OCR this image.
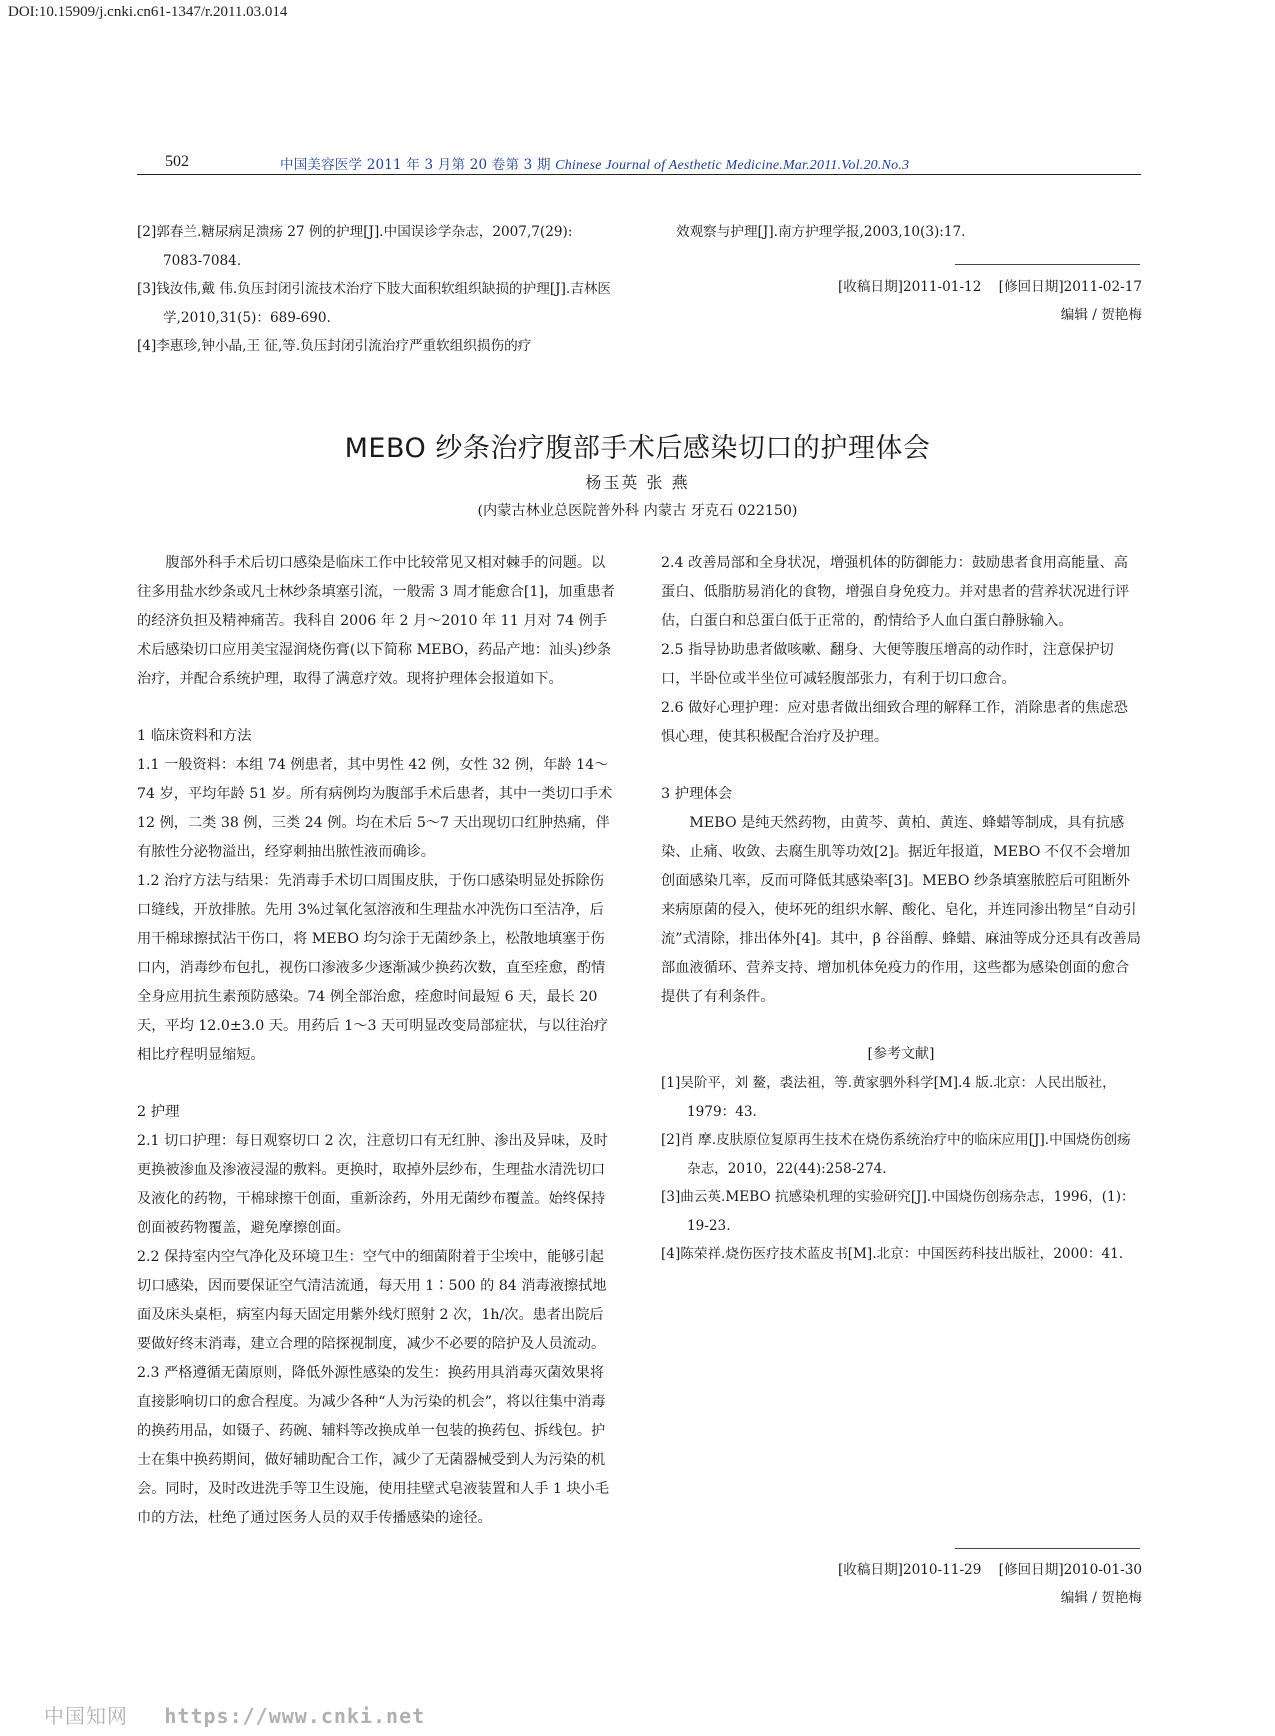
DOI:10.15909/j.cnki.cn61-1347/r.2011.03.014
502	中国美容医学 2011 年 3 月第 20 卷第 3 期 Chinese Journal of Aesthetic Medicine.Mar.2011.Vol.20.No.3

[2]郭春兰.糖尿病足溃疡 27 例的护理[J].中国误诊学杂志，2007,7(29): 7083-7084.

[3]钱汝伟,戴 伟.负压封闭引流技术治疗下肢大面积软组织缺损的护理[J].吉林医学,2010,31(5)：689-690.

[4]李惠珍,钟小晶,王 征,等.负压封闭引流治疗严重软组织损伤的疗

效观察与护理[J].南方护理学报,2003,10(3):17.

[收稿日期]2011-01-12 [修回日期]2011-02-17
编辑 / 贺艳梅
MEBO 纱条治疗腹部手术后感染切口的护理体会
杨玉英 张 燕
(内蒙古林业总医院普外科 内蒙古 牙克石 022150)

腹部外科手术后切口感染是临床工作中比较常见又相对棘手的问题。以往多用盐水纱条或凡士林纱条填塞引流，一般需 3 周才能愈合[1]，加重患者的经济负担及精神痛苦。我科自 2006 年 2 月～2010 年 11 月对 74 例手术后感染切口应用美宝湿润烧伤膏(以下简称 MEBO，药品产地：汕头)纱条治疗，并配合系统护理，取得了满意疗效。现将护理体会报道如下。

1 临床资料和方法

1.1 一般资料：本组 74 例患者，其中男性 42 例，女性 32 例，年龄 14～74 岁，平均年龄 51 岁。所有病例均为腹部手术后患者，其中一类切口手术 12 例，二类 38 例，三类 24 例。均在术后 5～7 天出现切口红肿热痛，伴有脓性分泌物溢出，经穿刺抽出脓性液而确诊。

1.2 治疗方法与结果：先消毒手术切口周围皮肤，于伤口感染明显处拆除伤口缝线，开放排脓。先用 3%过氧化氢溶液和生理盐水冲洗伤口至洁净，后用干棉球擦拭沾干伤口，将 MEBO 均匀涂于无菌纱条上，松散地填塞于伤口内，消毒纱布包扎，视伤口渗液多少逐渐减少换药次数，直至痊愈，酌情全身应用抗生素预防感染。74 例全部治愈，痊愈时间最短 6 天，最长 20 天，平均 12.0±3.0 天。用药后 1～3 天可明显改变局部症状，与以往治疗相比疗程明显缩短。

2 护理

2.1 切口护理：每日观察切口 2 次，注意切口有无红肿、渗出及异味，及时更换被渗血及渗液浸湿的敷料。更换时，取掉外层纱布，生理盐水清洗切口及液化的药物，干棉球擦干创面，重新涂药，外用无菌纱布覆盖。始终保持创面被药物覆盖，避免摩擦创面。

2.2 保持室内空气净化及环境卫生：空气中的细菌附着于尘埃中，能够引起切口感染，因而要保证空气清洁流通，每天用 1∶500 的 84 消毒液擦拭地面及床头桌柜，病室内每天固定用紫外线灯照射 2 次，1h/次。患者出院后要做好终末消毒，建立合理的陪探视制度，减少不必要的陪护及人员流动。

2.3 严格遵循无菌原则，降低外源性感染的发生：换药用具消毒灭菌效果将直接影响切口的愈合程度。为减少各种“人为污染的机会”，将以往集中消毒的换药用品，如镊子、药碗、辅料等改换成单一包装的换药包、拆线包。护士在集中换药期间，做好辅助配合工作，减少了无菌器械受到人为污染的机会。同时，及时改进洗手等卫生设施，使用挂壁式皂液装置和人手 1 块小毛巾的方法，杜绝了通过医务人员的双手传播感染的途径。

2.4 改善局部和全身状况，增强机体的防御能力：鼓励患者食用高能量、高蛋白、低脂肪易消化的食物，增强自身免疫力。并对患者的营养状况进行评估，白蛋白和总蛋白低于正常的，酌情给予人血白蛋白静脉输入。

2.5 指导协助患者做咳嗽、翻身、大便等腹压增高的动作时，注意保护切口，半卧位或半坐位可减轻腹部张力，有利于切口愈合。

2.6 做好心理护理：应对患者做出细致合理的解释工作，消除患者的焦虑恐惧心理，使其积极配合治疗及护理。

3 护理体会

MEBO 是纯天然药物，由黄芩、黄柏、黄连、蜂蜡等制成，具有抗感染、止痛、收敛、去腐生肌等功效[2]。据近年报道，MEBO 不仅不会增加创面感染几率，反而可降低其感染率[3]。MEBO 纱条填塞脓腔后可阻断外来病原菌的侵入，使坏死的组织水解、酸化、皂化，并连同渗出物呈“自动引流”式清除，排出体外[4]。其中，β 谷甾醇、蜂蜡、麻油等成分还具有改善局部血液循环、营养支持、增加机体免疫力的作用，这些都为感染创面的愈合提供了有利条件。

[参考文献]

[1]吴阶平，刘 鳌，裘法祖，等.黄家驷外科学[M].4 版.北京：人民出版社，1979：43.

[2]肖 摩.皮肤原位复原再生技术在烧伤系统治疗中的临床应用[J].中国烧伤创疡杂志，2010，22(44):258-274.

[3]曲云英.MEBO 抗感染机理的实验研究[J].中国烧伤创疡杂志，1996，(1)：19-23.

[4]陈荣祥.烧伤医疗技术蓝皮书[M].北京：中国医药科技出版社，2000：41.

[收稿日期]2010-11-29 [修回日期]2010-01-30
编辑 / 贺艳梅
中国知网 https://www.cnki.net
